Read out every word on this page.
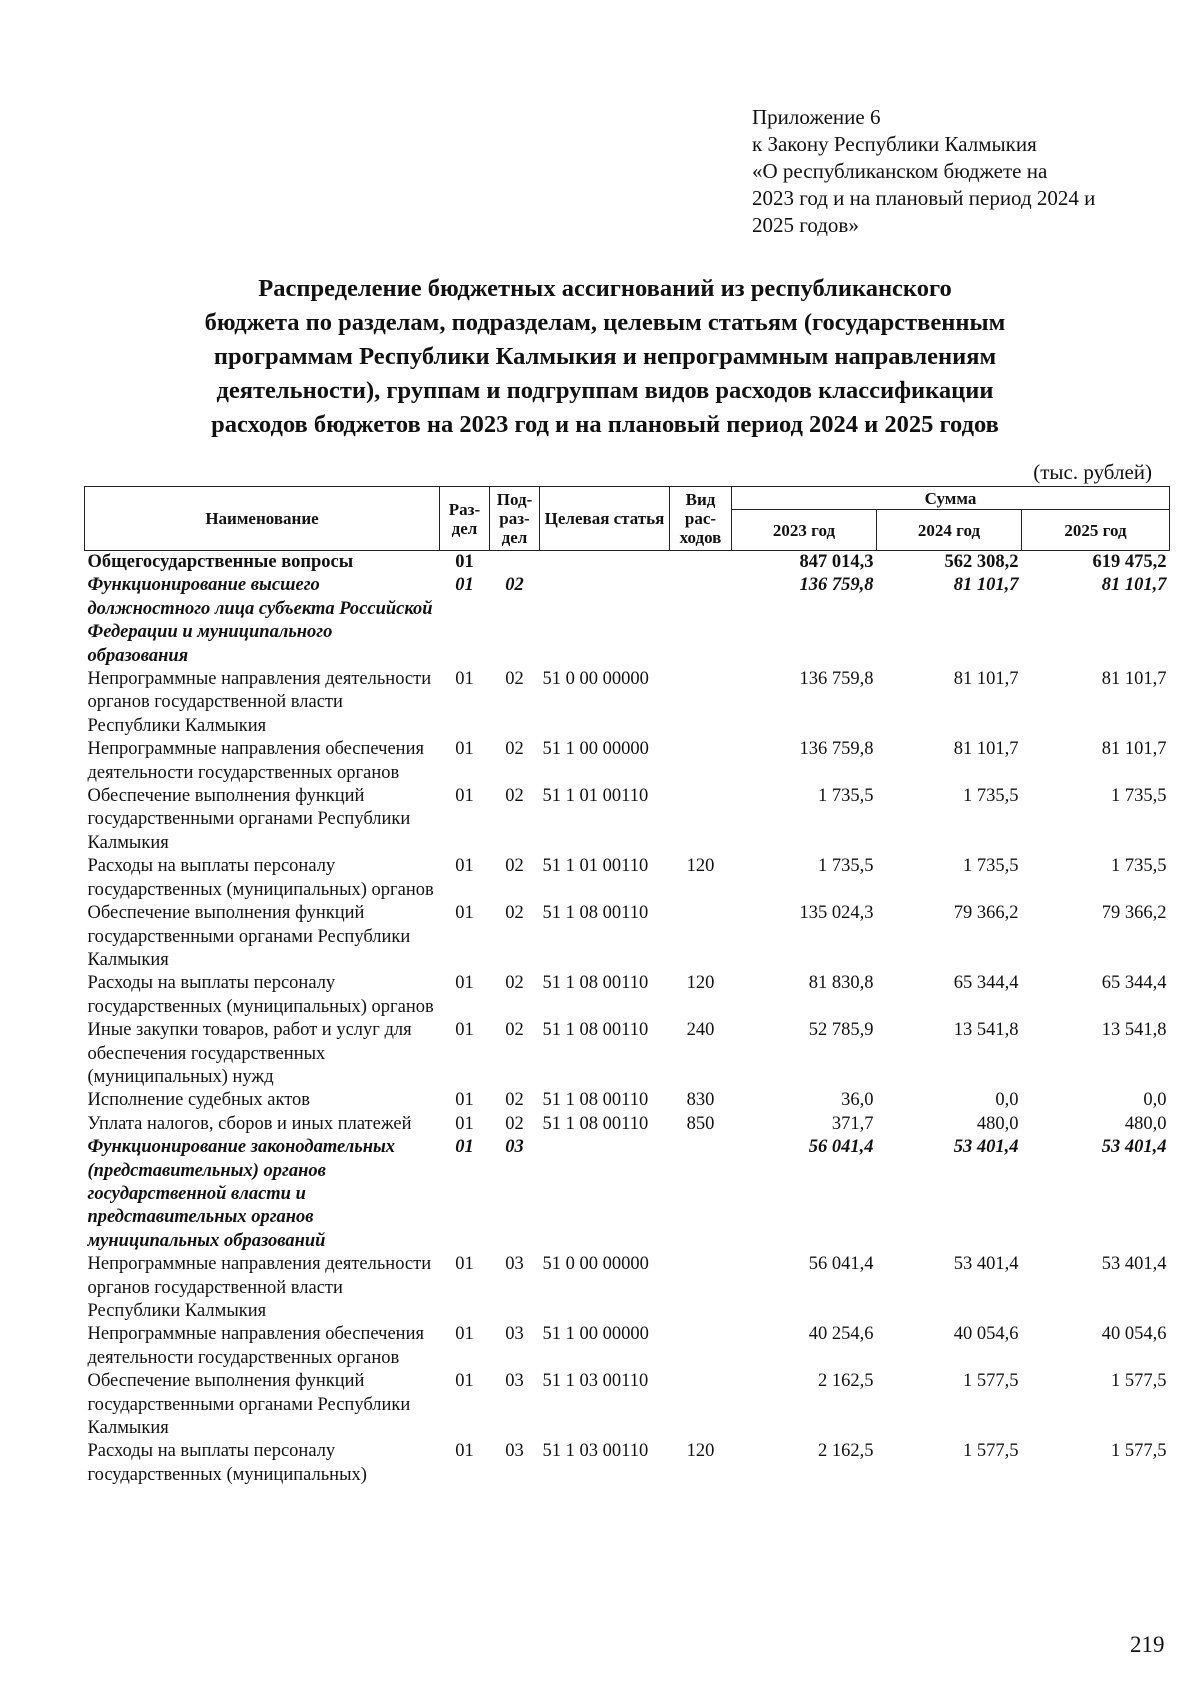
Приложение 6
к Закону Республики Калмыкия
«О республиканском бюджете на
2023 год и на плановый период 2024 и
2025 годов»
Распределение бюджетных ассигнований из республиканского
бюджета по разделам, подразделам, целевым статьям (государственным
программам Республики Калмыкия и непрограммным направлениям
деятельности), группам и подгруппам видов расходов классификации
расходов бюджетов на 2023 год и на плановый период 2024 и 2025 годов
(тыс. рублей)
Наименование	Раз-дел	Под-раз-дел	Целевая статья	Вид рас-ходов	Сумма		
					2023 год	2024 год	2025 год
Общегосударственные вопросы	01				847 014,3	562 308,2	619 475,2
Функционирование высшего должностного лица субъекта Российской Федерации и муниципального образования	01	02			136 759,8	81 101,7	81 101,7
Непрограммные направления деятельности органов государственной власти Республики Калмыкия	01	02	51 0 00 00000		136 759,8	81 101,7	81 101,7
Непрограммные направления обеспечения деятельности государственных органов	01	02	51 1 00 00000		136 759,8	81 101,7	81 101,7
Обеспечение выполнения функций государственными органами Республики Калмыкия	01	02	51 1 01 00110		1 735,5	1 735,5	1 735,5
Расходы на выплаты персоналу государственных (муниципальных) органов	01	02	51 1 01 00110	120	1 735,5	1 735,5	1 735,5
Обеспечение выполнения функций государственными органами Республики Калмыкия	01	02	51 1 08 00110		135 024,3	79 366,2	79 366,2
Расходы на выплаты персоналу государственных (муниципальных) органов	01	02	51 1 08 00110	120	81 830,8	65 344,4	65 344,4
Иные закупки товаров, работ и услуг для обеспечения государственных (муниципальных) нужд	01	02	51 1 08 00110	240	52 785,9	13 541,8	13 541,8
Исполнение судебных актов	01	02	51 1 08 00110	830	36,0	0,0	0,0
Уплата налогов, сборов и иных платежей	01	02	51 1 08 00110	850	371,7	480,0	480,0
Функционирование законодательных (представительных) органов государственной власти и представительных органов муниципальных образований	01	03			56 041,4	53 401,4	53 401,4
Непрограммные направления деятельности органов государственной власти Республики Калмыкия	01	03	51 0 00 00000		56 041,4	53 401,4	53 401,4
Непрограммные направления обеспечения деятельности государственных органов	01	03	51 1 00 00000		40 254,6	40 054,6	40 054,6
Обеспечение выполнения функций государственными органами Республики Калмыкия	01	03	51 1 03 00110		2 162,5	1 577,5	1 577,5
Расходы на выплаты персоналу государственных (муниципальных)	01	03	51 1 03 00110	120	2 162,5	1 577,5	1 577,5
219
